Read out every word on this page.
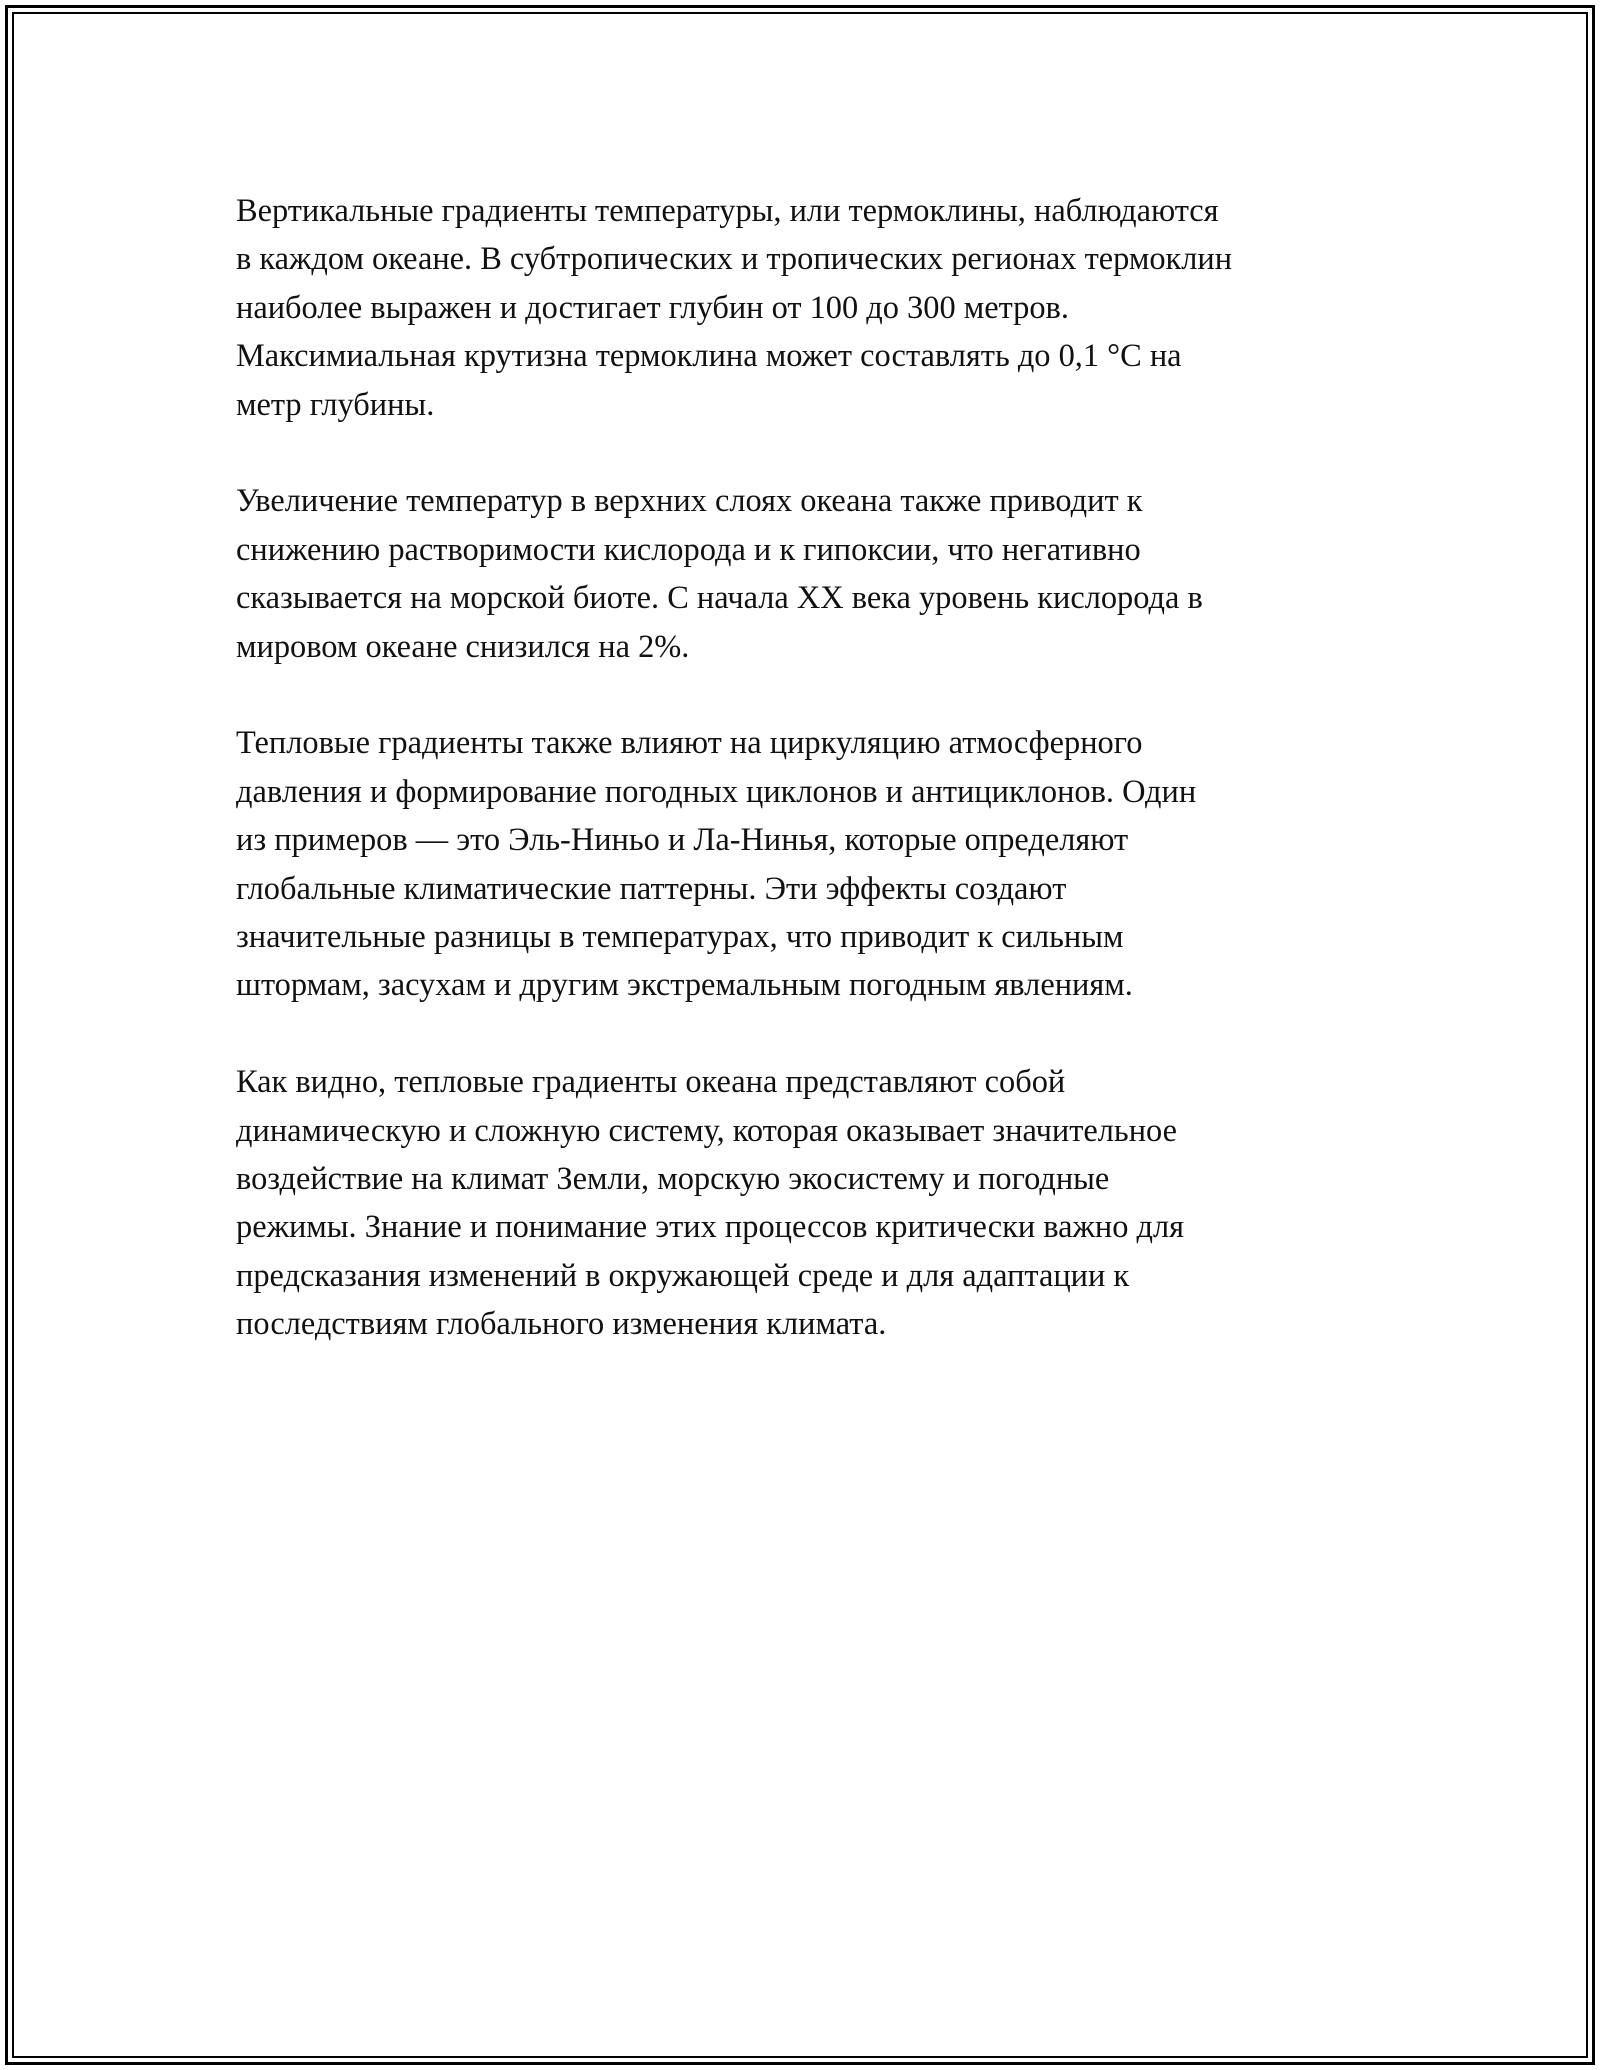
Вертикальные градиенты температуры, или термоклины, наблюдаются
в каждом океане. В субтропических и тропических регионах термоклин
наиболее выражен и достигает глубин от 100 до 300 метров.
Максимиальная крутизна термоклина может составлять до 0,1 °C на
метр глубины.

Увеличение температур в верхних слоях океана также приводит к
снижению растворимости кислорода и к гипоксии, что негативно
сказывается на морской биоте. С начала XX века уровень кислорода в
мировом океане снизился на 2%.

Тепловые градиенты также влияют на циркуляцию атмосферного
давления и формирование погодных циклонов и антициклонов. Один
из примеров — это Эль-Ниньо и Ла-Нинья, которые определяют
глобальные климатические паттерны. Эти эффекты создают
значительные разницы в температурах, что приводит к сильным
штормам, засухам и другим экстремальным погодным явлениям.

Как видно, тепловые градиенты океана представляют собой
динамическую и сложную систему, которая оказывает значительное
воздействие на климат Земли, морскую экосистему и погодные
режимы. Знание и понимание этих процессов критически важно для
предсказания изменений в окружающей среде и для адаптации к
последствиям глобального изменения климата.
